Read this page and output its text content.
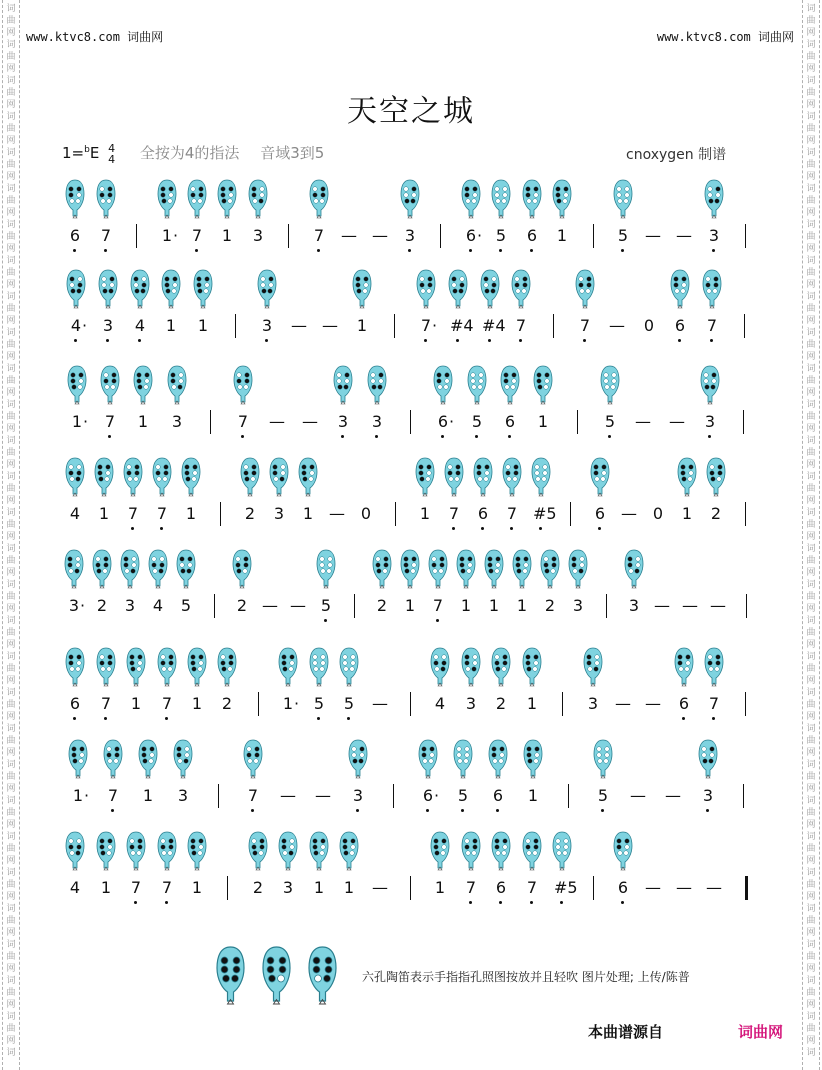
词
曲
网
词
曲
网
词
曲
网
词
曲
网
词
曲
网
词
曲
网
词
曲
网
词
曲
网
词
曲
网
词
曲
网
词
曲
网
词
曲
网
词
曲
网
词
曲
网
词
曲
网
词
曲
网
词
曲
网
词
曲
网
词
曲
网
词
曲
网
词
曲
网
词
曲
网
词
曲
网
词
曲
网
词
曲
网
词
曲
网
词
曲
网
词
曲
网
词
曲
网
词
词
曲
网
词
曲
网
词
曲
网
词
曲
网
词
曲
网
词
曲
网
词
曲
网
词
曲
网
词
曲
网
词
曲
网
词
曲
网
词
曲
网
词
曲
网
词
曲
网
词
曲
网
词
曲
网
词
曲
网
词
曲
网
词
曲
网
词
曲
网
词
曲
网
词
曲
网
词
曲
网
词
曲
网
词
曲
网
词
曲
网
词
曲
网
词
曲
网
词
曲
网
词
www.ktvc8.com 词曲网	www.ktvc8.com 词曲网
天空之城
1=$^b$E 4
4 全按为4的指法 音域3到5	cnoxygen 制谱
6 7	1 · 7 1 3	7 — — 3	6 · 5 6 1	5 — — 3
4 · 3 4 1 1	3 — — 1	7 · #4 #4 7	7 — 0 6 7
1 · 7 1 3	7 — — 3 3	6 · 5 6 1	5 — — 3
4 1 7 7 1	2 3 1 — 0	1 7 6 7 #5 6 — 0 1 2
3 · 2 3 4 5	2 — — 5	2 1 7 1 1 1 2 3	3 — — —
6 7 1 7 1 2	1 · 5 5 —	4 3 2 1	3 — — 6 7
1 · 7 1 3	7 — — 3	6 · 5 6 1	5 — — 3
4 1 7 7 1	2 3 1 1 —	1 7 6 7 #5	6 — — —
六孔陶笛表示手指指孔照图按放并且轻吹 图片处理; 上传/陈普
本曲谱源自	词曲网
